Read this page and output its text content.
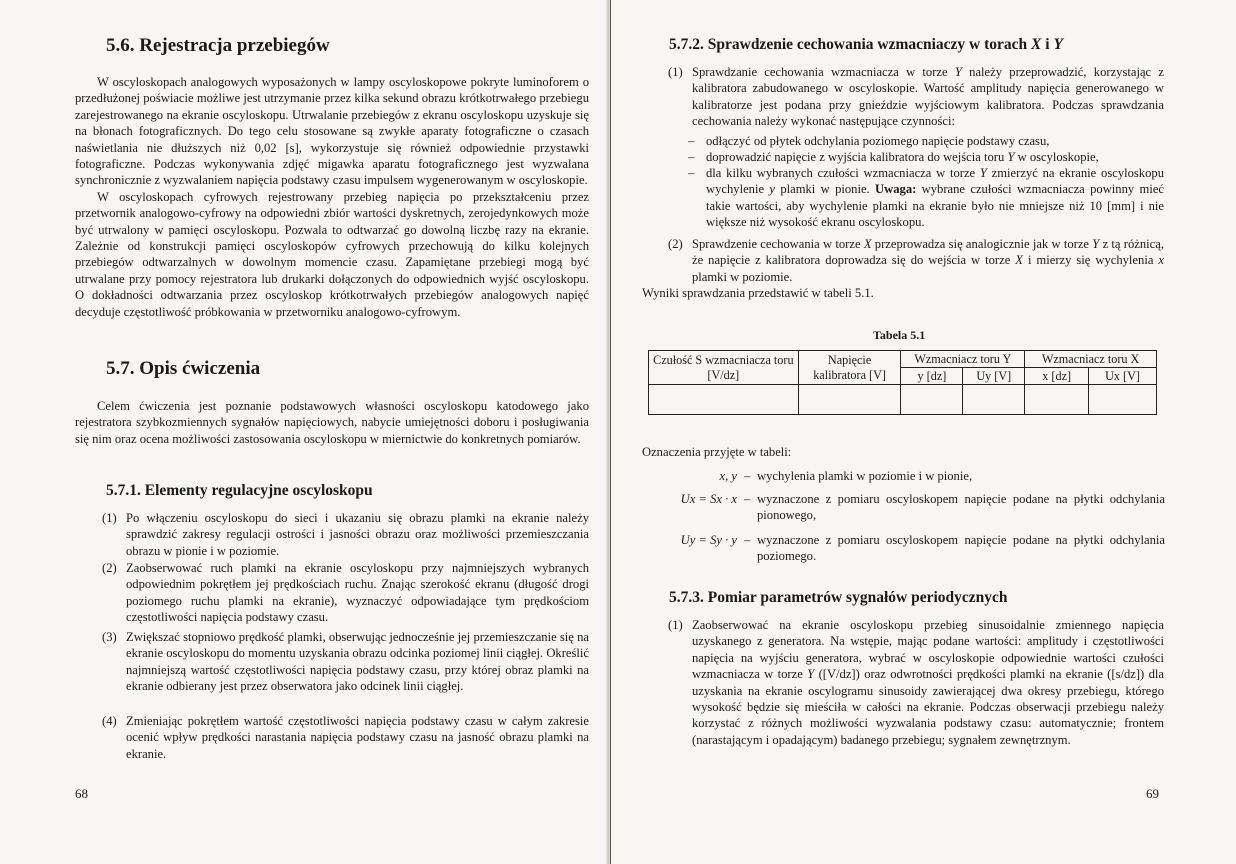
5.6. Rejestracja przebiegów

W oscyloskopach analogowych wyposażonych w lampy oscyloskopowe pokryte luminoforem o przedłużonej poświacie możliwe jest utrzymanie przez kilka sekund obrazu krótkotrwałego przebiegu zarejestrowanego na ekranie oscyloskopu. Utrwalanie przebiegów z ekranu oscyloskopu uzyskuje się na błonach fotograficznych. Do tego celu stosowane są zwykłe aparaty fotograficzne o czasach naświetlania nie dłuższych niż 0,02 [s], wykorzystuje się również odpowiednie przystawki fotograficzne. Podczas wykonywania zdjęć migawka aparatu fotograficznego jest wyzwalana synchronicznie z wyzwalaniem napięcia podstawy czasu impulsem wygenerowanym w oscyloskopie.

W oscyloskopach cyfrowych rejestrowany przebieg napięcia po przekształceniu przez przetwornik analogowo-cyfrowy na odpowiedni zbiór wartości dyskretnych, zerojedynkowych może być utrwalony w pamięci oscyloskopu. Pozwala to odtwarzać go dowolną liczbę razy na ekranie. Zależnie od konstrukcji pamięci oscyloskopów cyfrowych przechowują do kilku kolejnych przebiegów odtwarzalnych w dowolnym momencie czasu. Zapamiętane przebiegi mogą być utrwalane przy pomocy rejestratora lub drukarki dołączonych do odpowiednich wyjść oscyloskopu. O dokładności odtwarzania przez oscyloskop krótkotrwałych przebiegów analogowych napięć decyduje częstotliwość próbkowania w przetworniku analogowo-cyfrowym.

5.7. Opis ćwiczenia

Celem ćwiczenia jest poznanie podstawowych własności oscyloskopu katodowego jako rejestratora szybkozmiennych sygnałów napięciowych, nabycie umiejętności doboru i posługiwania się nim oraz ocena możliwości zastosowania oscyloskopu w miernictwie do konkretnych pomiarów.

5.7.1. Elementy regulacyjne oscyloskopu
(1) Po włączeniu oscyloskopu do sieci i ukazaniu się obrazu plamki na ekranie należy sprawdzić zakresy regulacji ostrości i jasności obrazu oraz możliwości przemieszczania obrazu w pionie i w poziomie.
(2) Zaobserwować ruch plamki na ekranie oscyloskopu przy najmniejszych wybranych odpowiednim pokrętłem jej prędkościach ruchu. Znając szerokość ekranu (długość drogi poziomego ruchu plamki na ekranie), wyznaczyć odpowiadające tym prędkościom częstotliwości napięcia podstawy czasu.
(3) Zwiększać stopniowo prędkość plamki, obserwując jednocześnie jej przemieszczanie się na ekranie oscyloskopu do momentu uzyskania obrazu odcinka poziomej linii ciągłej. Określić najmniejszą wartość częstotliwości napięcia podstawy czasu, przy której obraz plamki na ekranie odbierany jest przez obserwatora jako odcinek linii ciągłej.
(4) Zmieniając pokrętłem wartość częstotliwości napięcia podstawy czasu w całym zakresie ocenić wpływ prędkości narastania napięcia podstawy czasu na jasność obrazu plamki na ekranie.
68
5.7.2. Sprawdzenie cechowania wzmacniaczy w torach X i Y
(1) Sprawdzanie cechowania wzmacniacza w torze Y należy przeprowadzić, korzystając z kalibratora zabudowanego w oscyloskopie. Wartość amplitudy napięcia generowanego w kalibratorze jest podana przy gnieździe wyjściowym kalibratora. Podczas sprawdzania cechowania należy wykonać następujące czynności:
– odłączyć od płytek odchylania poziomego napięcie podstawy czasu,
– doprowadzić napięcie z wyjścia kalibratora do wejścia toru Y w oscyloskopie,
– dla kilku wybranych czułości wzmacniacza w torze Y zmierzyć na ekranie oscyloskopu wychylenie y plamki w pionie. Uwaga: wybrane czułości wzmacniacza powinny mieć takie wartości, aby wychylenie plamki na ekranie było nie mniejsze niż 10 [mm] i nie większe niż wysokość ekranu oscyloskopu.
(2) Sprawdzenie cechowania w torze X przeprowadza się analogicznie jak w torze Y z tą różnicą, że napięcie z kalibratora doprowadza się do wejścia w torze X i mierzy się wychylenia x plamki w poziomie.

Wyniki sprawdzania przedstawić w tabeli 5.1.

Tabela 5.1
Czułość S wzmacniacza toru [V/dz]	Napięcie kalibratora [V]	Wzmacniacz toru Y		Wzmacniacz toru X	
		y [dz]	Uy [V]	x [dz]	Ux [V]

Oznaczenia przyjęte w tabeli:

x, y – wychylenia plamki w poziomie i w pionie,
Ux = Sx · x – wyznaczone z pomiaru oscyloskopem napięcie podane na płytki odchylania pionowego,
Uy = Sy · y – wyznaczone z pomiaru oscyloskopem napięcie podane na płytki odchylania poziomego.
5.7.3. Pomiar parametrów sygnałów periodycznych
(1) Zaobserwować na ekranie oscyloskopu przebieg sinusoidalnie zmiennego napięcia uzyskanego z generatora. Na wstępie, mając podane wartości: amplitudy i częstotliwości napięcia na wyjściu generatora, wybrać w oscyloskopie odpowiednie wartości czułości wzmacniacza w torze Y ([V/dz]) oraz odwrotności prędkości plamki na ekranie ([s/dz]) dla uzyskania na ekranie oscylogramu sinusoidy zawierającej dwa okresy przebiegu, którego wysokość będzie się mieściła w całości na ekranie. Podczas obserwacji przebiegu należy korzystać z różnych możliwości wyzwalania podstawy czasu: automatycznie; frontem (narastającym i opadającym) badanego przebiegu; sygnałem zewnętrznym.
69
